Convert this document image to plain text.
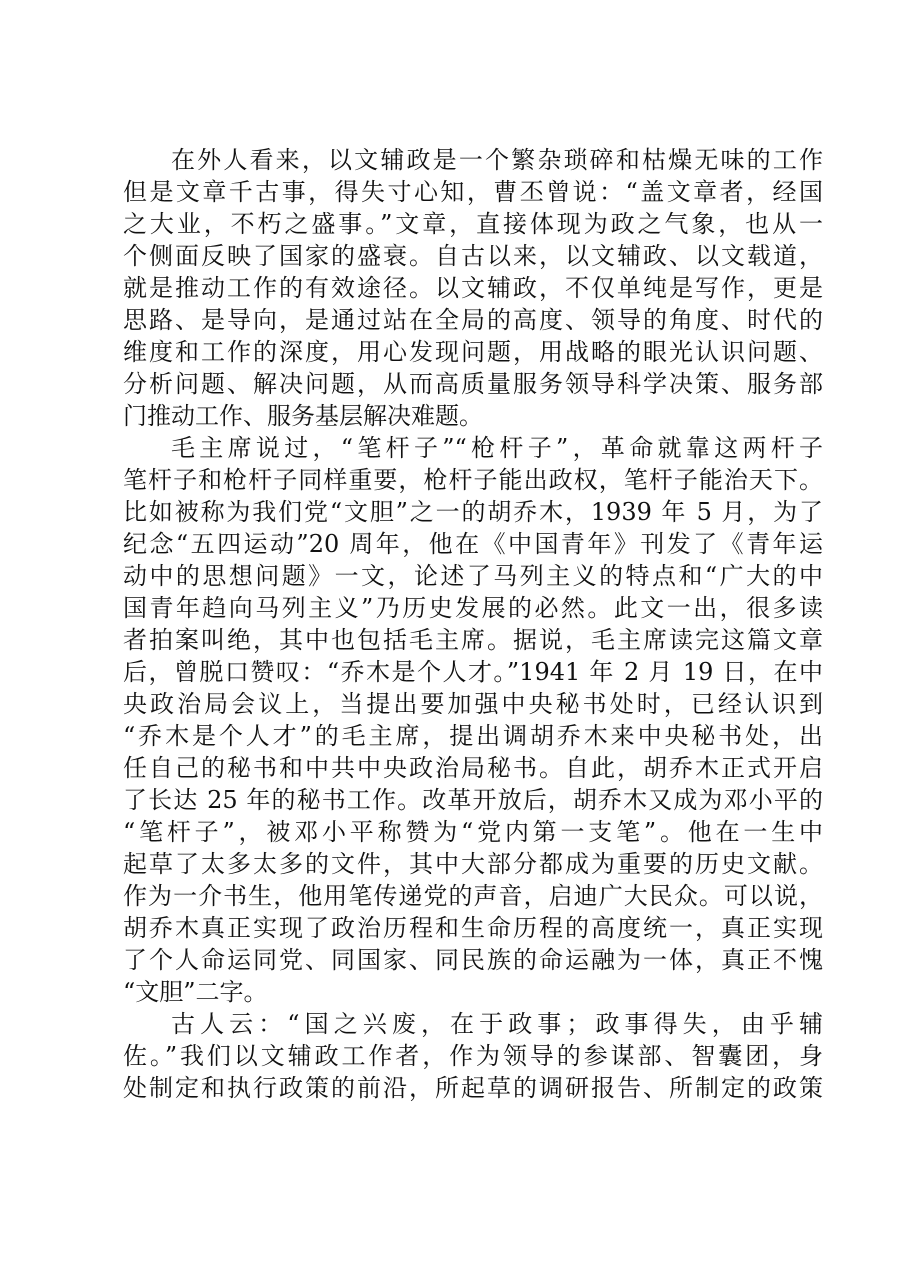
在外人看来，以文辅政是一个繁杂琐碎和枯燥无味的工作
但是文章千古事，得失寸心知，曹丕曾说：“盖文章者，经国
之大业，不朽之盛事。”文章，直接体现为政之气象，也从一
个侧面反映了国家的盛衰。自古以来，以文辅政、以文载道，
就是推动工作的有效途径。以文辅政，不仅单纯是写作，更是
思路、是导向，是通过站在全局的高度、领导的角度、时代的
维度和工作的深度，用心发现问题，用战略的眼光认识问题、
分析问题、解决问题，从而高质量服务领导科学决策、服务部
门推动工作、服务基层解决难题。
毛主席说过，“笔杆子”“枪杆子”，革命就靠这两杆子
笔杆子和枪杆子同样重要，枪杆子能出政权，笔杆子能治天下。
比如被称为我们党“文胆”之一的胡乔木，1939 年 5 月，为了
纪念“五四运动”20 周年，他在《中国青年》刊发了《青年运
动中的思想问题》一文，论述了马列主义的特点和“广大的中
国青年趋向马列主义”乃历史发展的必然。此文一出，很多读
者拍案叫绝，其中也包括毛主席。据说，毛主席读完这篇文章
后，曾脱口赞叹：“乔木是个人才。”1941 年 2 月 19 日，在中
央政治局会议上，当提出要加强中央秘书处时，已经认识到
“乔木是个人才”的毛主席，提出调胡乔木来中央秘书处，出
任自己的秘书和中共中央政治局秘书。自此，胡乔木正式开启
了长达 25 年的秘书工作。改革开放后，胡乔木又成为邓小平的
“笔杆子”，被邓小平称赞为“党内第一支笔”。他在一生中
起草了太多太多的文件，其中大部分都成为重要的历史文献。
作为一介书生，他用笔传递党的声音，启迪广大民众。可以说，
胡乔木真正实现了政治历程和生命历程的高度统一，真正实现
了个人命运同党、同国家、同民族的命运融为一体，真正不愧
“文胆”二字。
古人云：“国之兴废，在于政事；政事得失，由乎辅
佐。”我们以文辅政工作者，作为领导的参谋部、智囊团，身
处制定和执行政策的前沿，所起草的调研报告、所制定的政策
